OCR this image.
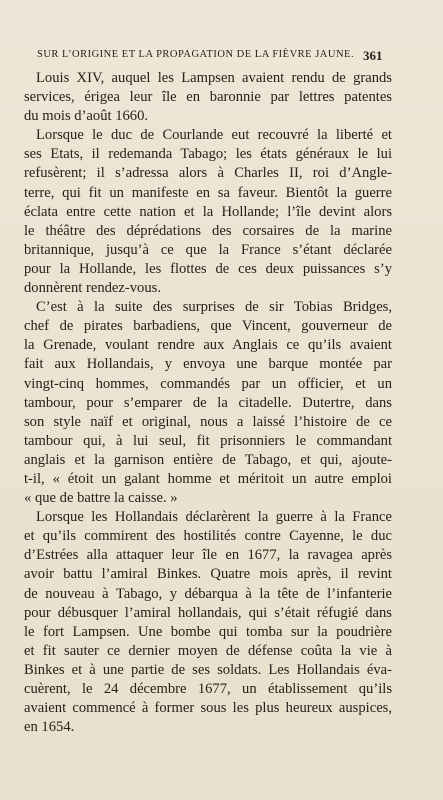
SUR L’ORIGINE ET LA PROPAGATION DE LA FIÈVRE JAUNE. 361

Louis XIV, auquel les Lampsen avaient rendu de grands
services, érigea leur île en baronnie par lettres patentes
du mois d’août 1660.

Lorsque le duc de Courlande eut recouvré la liberté et
ses Etats, il redemanda Tabago; les états généraux le lui
refusèrent; il s’adressa alors à Charles II, roi d’Angle-
terre, qui fit un manifeste en sa faveur. Bientôt la guerre
éclata entre cette nation et la Hollande; l’île devint alors
le théâtre des déprédations des corsaires de la marine
britannique, jusqu’à ce que la France s’étant déclarée
pour la Hollande, les flottes de ces deux puissances s’y
donnèrent rendez-vous.

C’est à la suite des surprises de sir Tobias Bridges,
chef de pirates barbadiens, que Vincent, gouverneur de
la Grenade, voulant rendre aux Anglais ce qu’ils avaient
fait aux Hollandais, y envoya une barque montée par
vingt-cinq hommes, commandés par un officier, et un
tambour, pour s’emparer de la citadelle. Dutertre, dans
son style naïf et original, nous a laissé l’histoire de ce
tambour qui, à lui seul, fit prisonniers le commandant
anglais et la garnison entière de Tabago, et qui, ajoute-
t-il, « étoit un galant homme et méritoit un autre emploi
« que de battre la caisse. »

Lorsque les Hollandais déclarèrent la guerre à la France
et qu’ils commirent des hostilités contre Cayenne, le duc
d’Estrées alla attaquer leur île en 1677, la ravagea après
avoir battu l’amiral Binkes. Quatre mois après, il revint
de nouveau à Tabago, y débarqua à la tête de l’infanterie
pour débusquer l’amiral hollandais, qui s’était réfugié dans
le fort Lampsen. Une bombe qui tomba sur la poudrière
et fit sauter ce dernier moyen de défense coûta la vie à
Binkes et à une partie de ses soldats. Les Hollandais éva-
cuèrent, le 24 décembre 1677, un établissement qu’ils
avaient commencé à former sous les plus heureux auspices,
en 1654.
